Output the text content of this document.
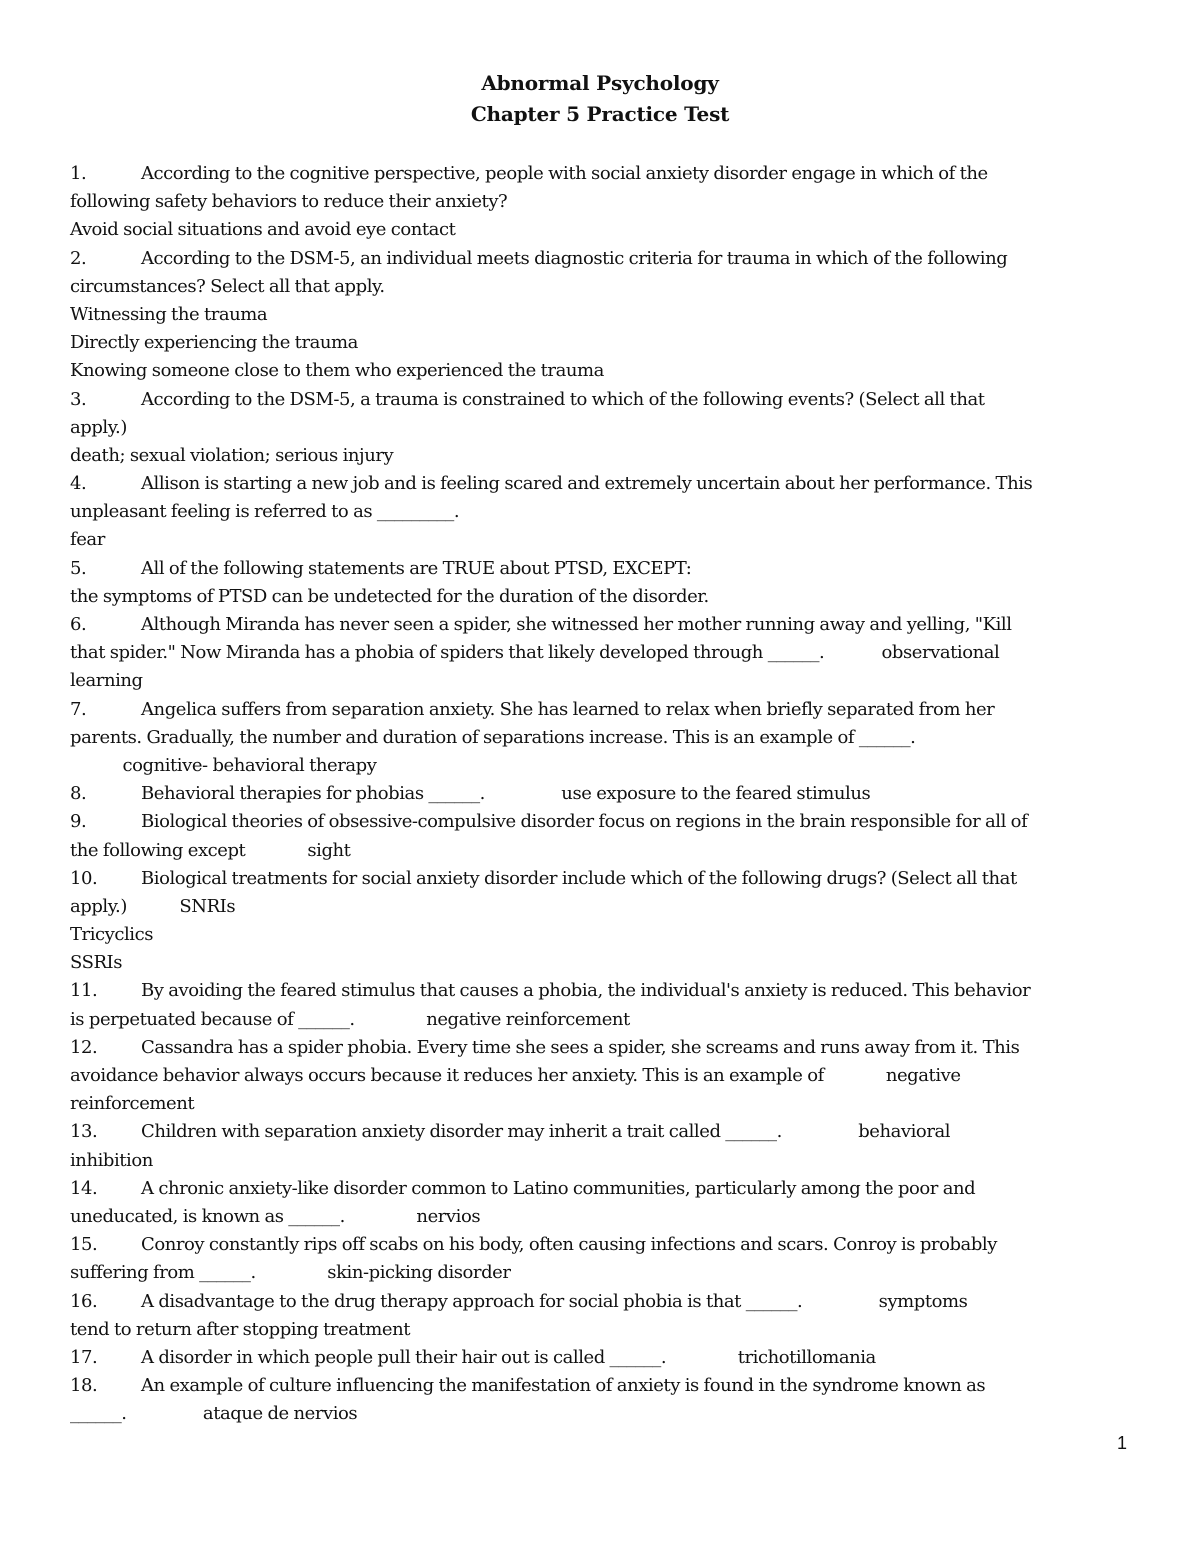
Abnormal Psychology
Chapter 5 Practice Test
1.	According to the cognitive perspective, people with social anxiety disorder engage in which of the
following safety behaviors to reduce their anxiety?
Avoid social situations and avoid eye contact
2.	According to the DSM-5, an individual meets diagnostic criteria for trauma in which of the following
circumstances? Select all that apply.
Witnessing the trauma
Directly experiencing the trauma
Knowing someone close to them who experienced the trauma
3.	According to the DSM-5, a trauma is constrained to which of the following events? (Select all that
apply.)
death; sexual violation; serious injury
4.	Allison is starting a new job and is feeling scared and extremely uncertain about her performance. This
unpleasant feeling is referred to as _________.
fear
5.	All of the following statements are TRUE about PTSD, EXCEPT:
the symptoms of PTSD can be undetected for the duration of the disorder.
6.	Although Miranda has never seen a spider, she witnessed her mother running away and yelling, "Kill
that spider." Now Miranda has a phobia of spiders that likely developed through ______.            observational
learning
7.	Angelica suffers from separation anxiety. She has learned to relax when briefly separated from her
parents. Gradually, the number and duration of separations increase. This is an example of ______.
cognitive- behavioral therapy
8.	Behavioral therapies for phobias ______.                use exposure to the feared stimulus
9.	Biological theories of obsessive-compulsive disorder focus on regions in the brain responsible for all of
the following except             sight
10. Biological treatments for social anxiety disorder include which of the following drugs? (Select all that
apply.)           SNRIs
Tricyclics
SSRIs
11. By avoiding the feared stimulus that causes a phobia, the individual's anxiety is reduced. This behavior
is perpetuated because of ______.               negative reinforcement
12. Cassandra has a spider phobia. Every time she sees a spider, she screams and runs away from it. This
avoidance behavior always occurs because it reduces her anxiety. This is an example of             negative
reinforcement
13. Children with separation anxiety disorder may inherit a trait called ______.                behavioral
inhibition
14. A chronic anxiety-like disorder common to Latino communities, particularly among the poor and
uneducated, is known as ______.               nervios
15. Conroy constantly rips off scabs on his body, often causing infections and scars. Conroy is probably
suffering from ______.               skin-picking disorder
16. A disadvantage to the drug therapy approach for social phobia is that ______.                symptoms
tend to return after stopping treatment
17. A disorder in which people pull their hair out is called ______.               trichotillomania
18. An example of culture influencing the manifestation of anxiety is found in the syndrome known as
______.                ataque de nervios
1
